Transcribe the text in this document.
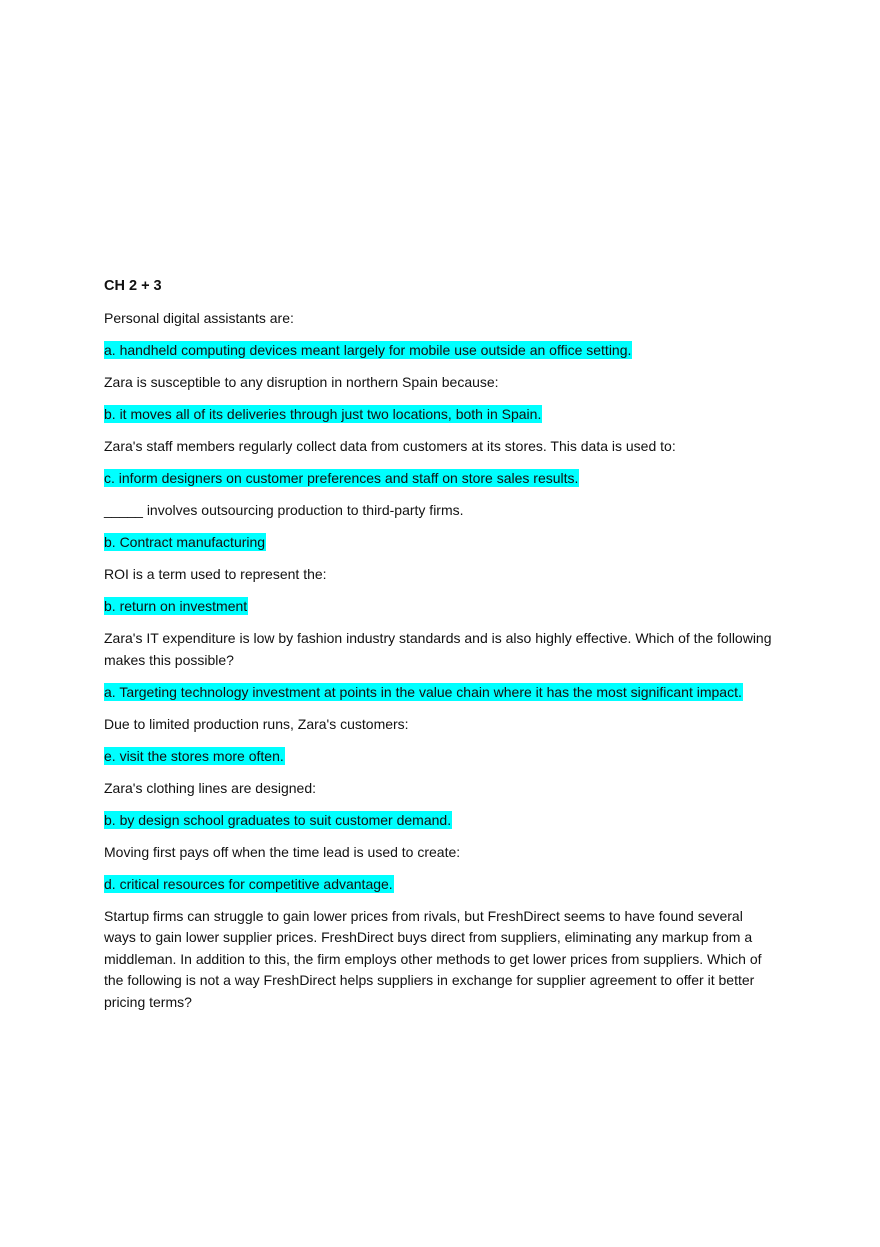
CH 2 + 3

Personal digital assistants are:

a. handheld computing devices meant largely for mobile use outside an office setting.

Zara is susceptible to any disruption in northern Spain because:

b. it moves all of its deliveries through just two locations, both in Spain.

Zara's staff members regularly collect data from customers at its stores. This data is used to:

c. inform designers on customer preferences and staff on store sales results.

_____ involves outsourcing production to third-party firms.

b. Contract manufacturing

ROI is a term used to represent the:

b. return on investment

Zara's IT expenditure is low by fashion industry standards and is also highly effective. Which of the following makes this possible?

a. Targeting technology investment at points in the value chain where it has the most significant impact.

Due to limited production runs, Zara's customers:

e. visit the stores more often.

Zara's clothing lines are designed:

b. by design school graduates to suit customer demand.

Moving first pays off when the time lead is used to create:

d. critical resources for competitive advantage.

Startup firms can struggle to gain lower prices from rivals, but FreshDirect seems to have found several ways to gain lower supplier prices. FreshDirect buys direct from suppliers, eliminating any markup from a middleman. In addition to this, the firm employs other methods to get lower prices from suppliers. Which of the following is not a way FreshDirect helps suppliers in exchange for supplier agreement to offer it better pricing terms?
